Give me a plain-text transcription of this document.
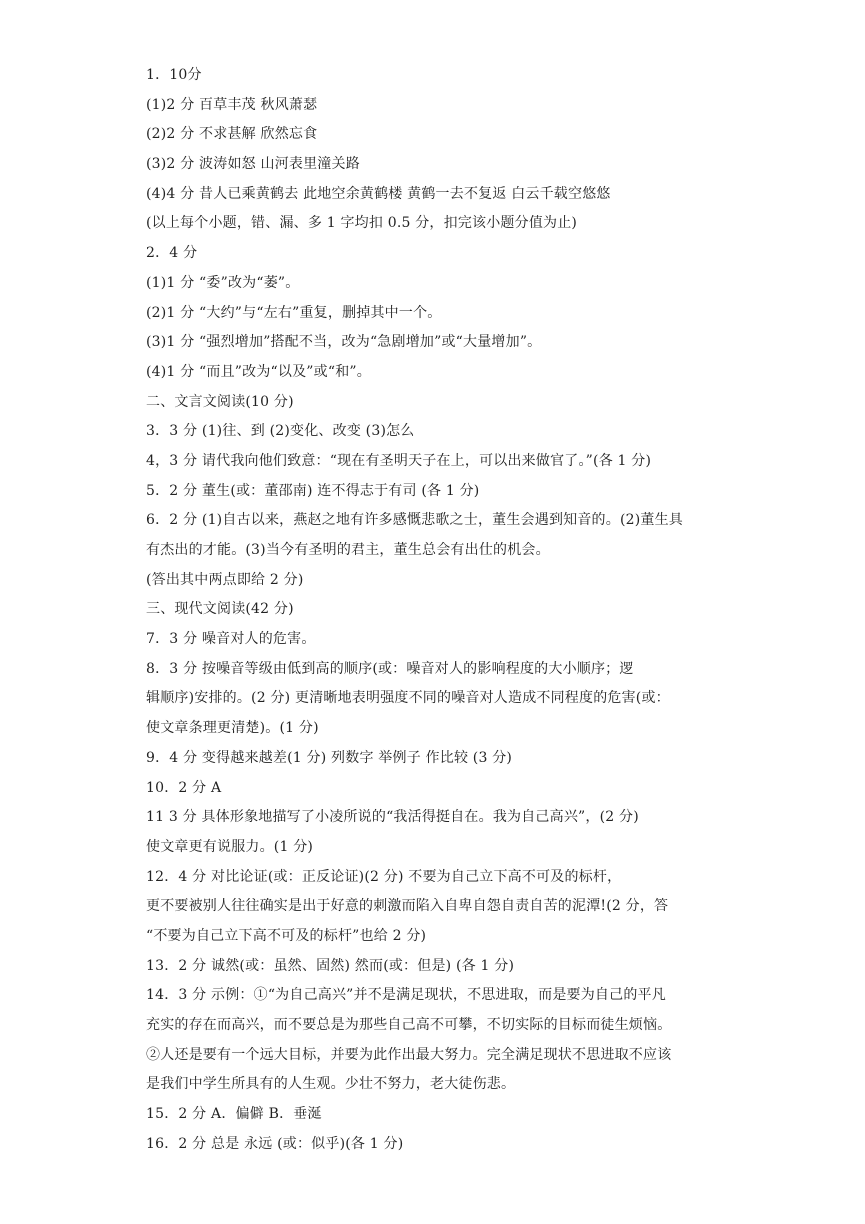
1．10分
(1)2 分 百草丰茂 秋风萧瑟
(2)2 分 不求甚解 欣然忘食
(3)2 分 波涛如怒 山河表里潼关路
(4)4 分 昔人已乘黄鹤去 此地空余黄鹤楼 黄鹤一去不复返 白云千载空悠悠
(以上每个小题，错、漏、多 1 字均扣 0.5 分，扣完该小题分值为止)
2．4 分
(1)1 分 “委”改为“萎”。
(2)1 分 “大约”与“左右”重复，删掉其中一个。
(3)1 分 “强烈增加”搭配不当，改为“急剧增加”或“大量增加”。
(4)1 分 “而且”改为“以及”或“和”。
二、文言文阅读(10 分)
3．3 分 (1)往、到 (2)变化、改变 (3)怎么
4，3 分 请代我向他们致意：“现在有圣明天子在上，可以出来做官了。”(各 1 分)
5．2 分 董生(或：董邵南) 连不得志于有司 (各 1 分)
6．2 分 (1)自古以来，燕赵之地有许多感慨悲歌之士，董生会遇到知音的。(2)董生具
有杰出的才能。(3)当今有圣明的君主，董生总会有出仕的机会。
(答出其中两点即给 2 分)
三、现代文阅读(42 分)
7．3 分 噪音对人的危害。
8．3 分 按噪音等级由低到高的顺序(或：噪音对人的影响程度的大小顺序；逻
辑顺序)安排的。(2 分) 更清晰地表明强度不同的噪音对人造成不同程度的危害(或：
使文章条理更清楚)。(1 分)
9．4 分 变得越来越差(1 分) 列数字 举例子 作比较 (3 分)
10．2 分 A
11 3 分 具体形象地描写了小凌所说的“我活得挺自在。我为自己高兴”，(2 分)
使文章更有说服力。(1 分)
12．4 分 对比论证(或：正反论证)(2 分) 不要为自己立下高不可及的标杆，
更不要被别人往往确实是出于好意的刺激而陷入自卑自怨自责自苦的泥潭!(2 分，答
“不要为自己立下高不可及的标杆”也给 2 分)
13．2 分 诚然(或：虽然、固然) 然而(或：但是) (各 1 分)
14．3 分 示例：①“为自己高兴”并不是满足现状，不思进取，而是要为自己的平凡
充实的存在而高兴，而不要总是为那些自己高不可攀，不切实际的目标而徒生烦恼。
②人还是要有一个远大目标，并要为此作出最大努力。完全满足现状不思进取不应该
是我们中学生所具有的人生观。少壮不努力，老大徒伤悲。
15．2 分 A．偏僻 B．垂涎
16．2 分 总是 永远 (或：似乎)(各 1 分)
